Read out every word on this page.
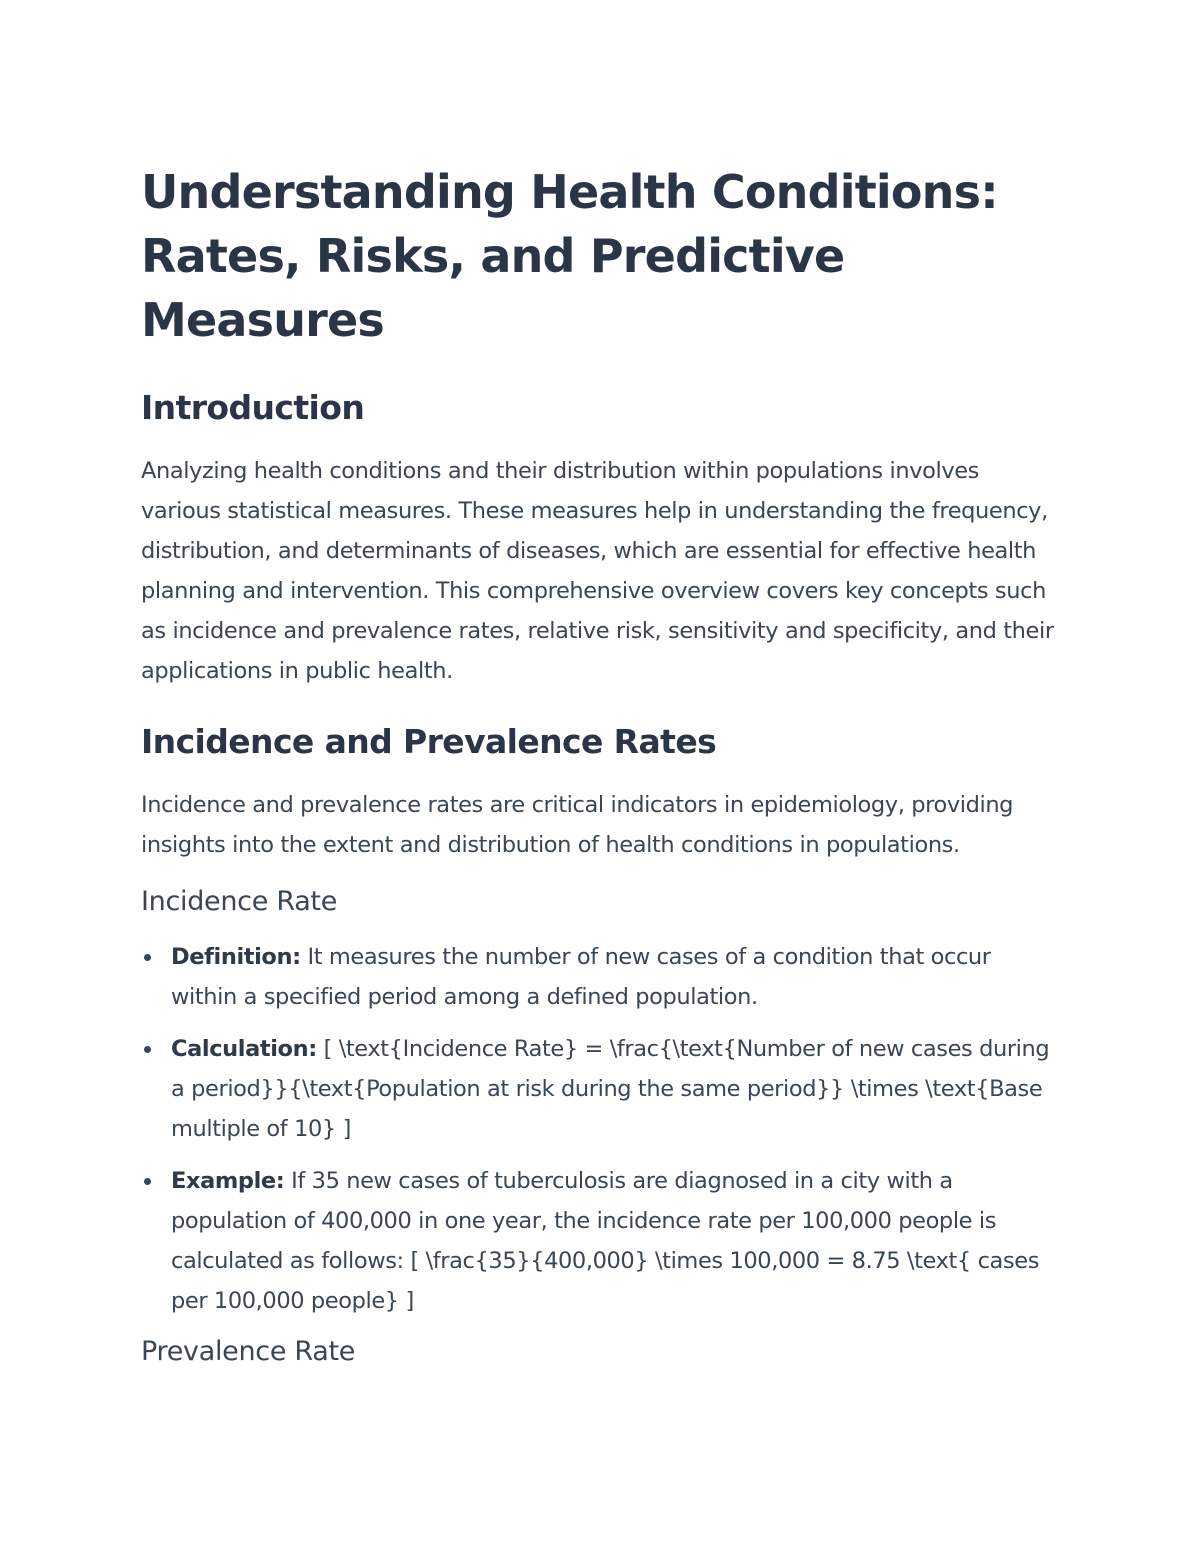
Understanding Health Conditions: Rates, Risks, and Predictive Measures
Introduction

Analyzing health conditions and their distribution within populations involves various statistical measures. These measures help in understanding the frequency, distribution, and determinants of diseases, which are essential for effective health planning and intervention. This comprehensive overview covers key concepts such as incidence and prevalence rates, relative risk, sensitivity and specificity, and their applications in public health.

Incidence and Prevalence Rates

Incidence and prevalence rates are critical indicators in epidemiology, providing insights into the extent and distribution of health conditions in populations.

Incidence Rate
Definition: It measures the number of new cases of a condition that occur within a specified period among a defined population.
Calculation: [ \text{Incidence Rate} = \frac{\text{Number of new cases during a period}}{\text{Population at risk during the same period}} \times \text{Base multiple of 10} ]
Example: If 35 new cases of tuberculosis are diagnosed in a city with a population of 400,000 in one year, the incidence rate per 100,000 people is calculated as follows: [ \frac{35}{400,000} \times 100,000 = 8.75 \text{ cases per 100,000 people} ]
Prevalence Rate
